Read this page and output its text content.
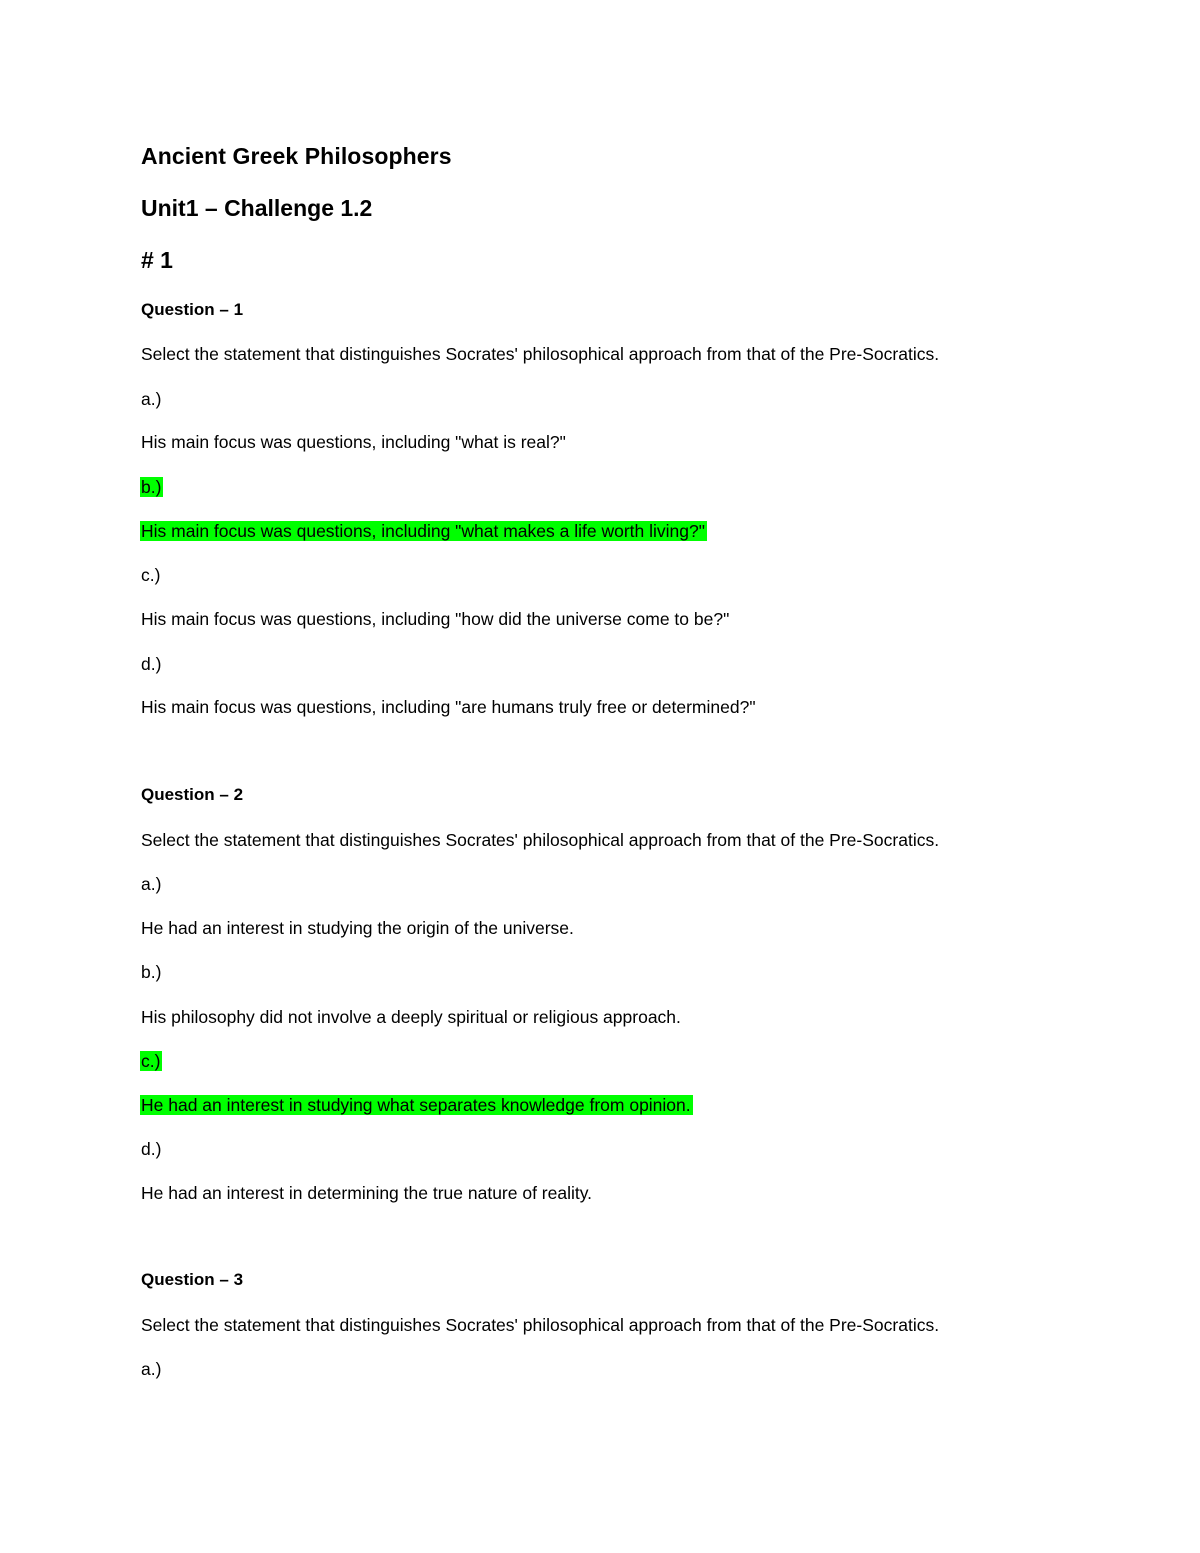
Ancient Greek Philosophers
Unit1 – Challenge 1.2
# 1
Question – 1
Select the statement that distinguishes Socrates' philosophical approach from that of the Pre-Socratics.
a.)
His main focus was questions, including "what is real?"
b.)
His main focus was questions, including "what makes a life worth living?"
c.)
His main focus was questions, including "how did the universe come to be?"
d.)
His main focus was questions, including "are humans truly free or determined?"
Question – 2
Select the statement that distinguishes Socrates' philosophical approach from that of the Pre-Socratics.
a.)
He had an interest in studying the origin of the universe.
b.)
His philosophy did not involve a deeply spiritual or religious approach.
c.)
He had an interest in studying what separates knowledge from opinion.
d.)
He had an interest in determining the true nature of reality.
Question – 3
Select the statement that distinguishes Socrates' philosophical approach from that of the Pre-Socratics.
a.)
